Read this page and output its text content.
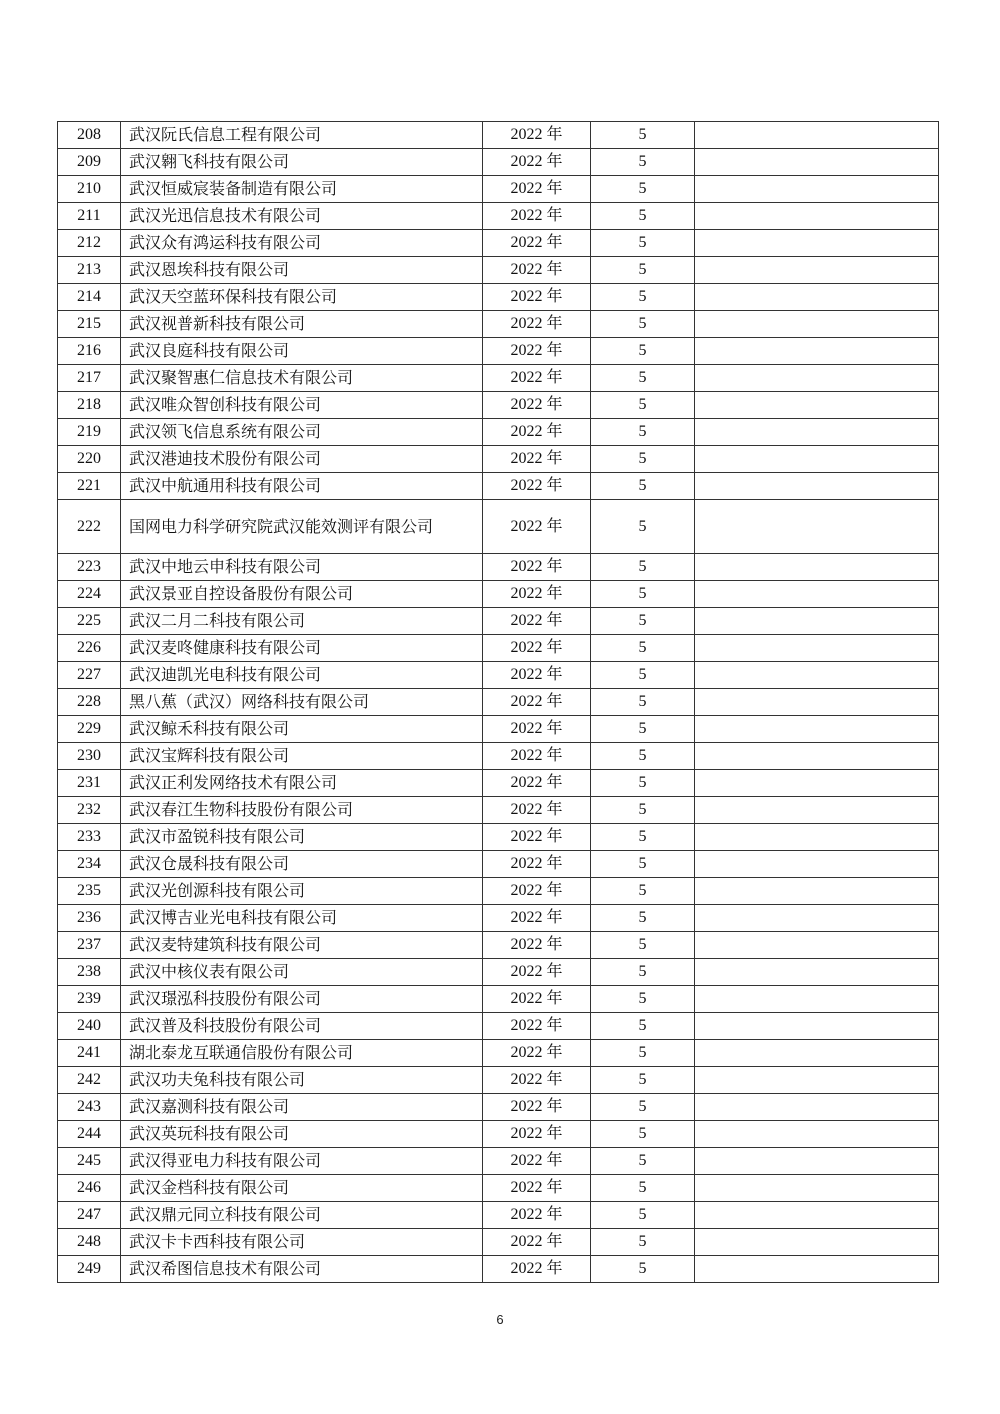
208	武汉阮氏信息工程有限公司	2022 年	5	
209	武汉翱飞科技有限公司	2022 年	5	
210	武汉恒威宸装备制造有限公司	2022 年	5	
211	武汉光迅信息技术有限公司	2022 年	5	
212	武汉众有鸿运科技有限公司	2022 年	5	
213	武汉恩埃科技有限公司	2022 年	5	
214	武汉天空蓝环保科技有限公司	2022 年	5	
215	武汉视普新科技有限公司	2022 年	5	
216	武汉良庭科技有限公司	2022 年	5	
217	武汉聚智惠仁信息技术有限公司	2022 年	5	
218	武汉唯众智创科技有限公司	2022 年	5	
219	武汉领飞信息系统有限公司	2022 年	5	
220	武汉港迪技术股份有限公司	2022 年	5	
221	武汉中航通用科技有限公司	2022 年	5	
222	国网电力科学研究院武汉能效测评有限公司	2022 年	5	
223	武汉中地云申科技有限公司	2022 年	5	
224	武汉景亚自控设备股份有限公司	2022 年	5	
225	武汉二月二科技有限公司	2022 年	5	
226	武汉麦咚健康科技有限公司	2022 年	5	
227	武汉迪凯光电科技有限公司	2022 年	5	
228	黑八蕉（武汉）网络科技有限公司	2022 年	5	
229	武汉鲸禾科技有限公司	2022 年	5	
230	武汉宝辉科技有限公司	2022 年	5	
231	武汉正利发网络技术有限公司	2022 年	5	
232	武汉春江生物科技股份有限公司	2022 年	5	
233	武汉市盈锐科技有限公司	2022 年	5	
234	武汉仓晟科技有限公司	2022 年	5	
235	武汉光创源科技有限公司	2022 年	5	
236	武汉博吉业光电科技有限公司	2022 年	5	
237	武汉麦特建筑科技有限公司	2022 年	5	
238	武汉中核仪表有限公司	2022 年	5	
239	武汉璟泓科技股份有限公司	2022 年	5	
240	武汉普及科技股份有限公司	2022 年	5	
241	湖北泰龙互联通信股份有限公司	2022 年	5	
242	武汉功夫兔科技有限公司	2022 年	5	
243	武汉嘉测科技有限公司	2022 年	5	
244	武汉英玩科技有限公司	2022 年	5	
245	武汉得亚电力科技有限公司	2022 年	5	
246	武汉金档科技有限公司	2022 年	5	
247	武汉鼎元同立科技有限公司	2022 年	5	
248	武汉卡卡西科技有限公司	2022 年	5	
249	武汉希图信息技术有限公司	2022 年	5	
6
